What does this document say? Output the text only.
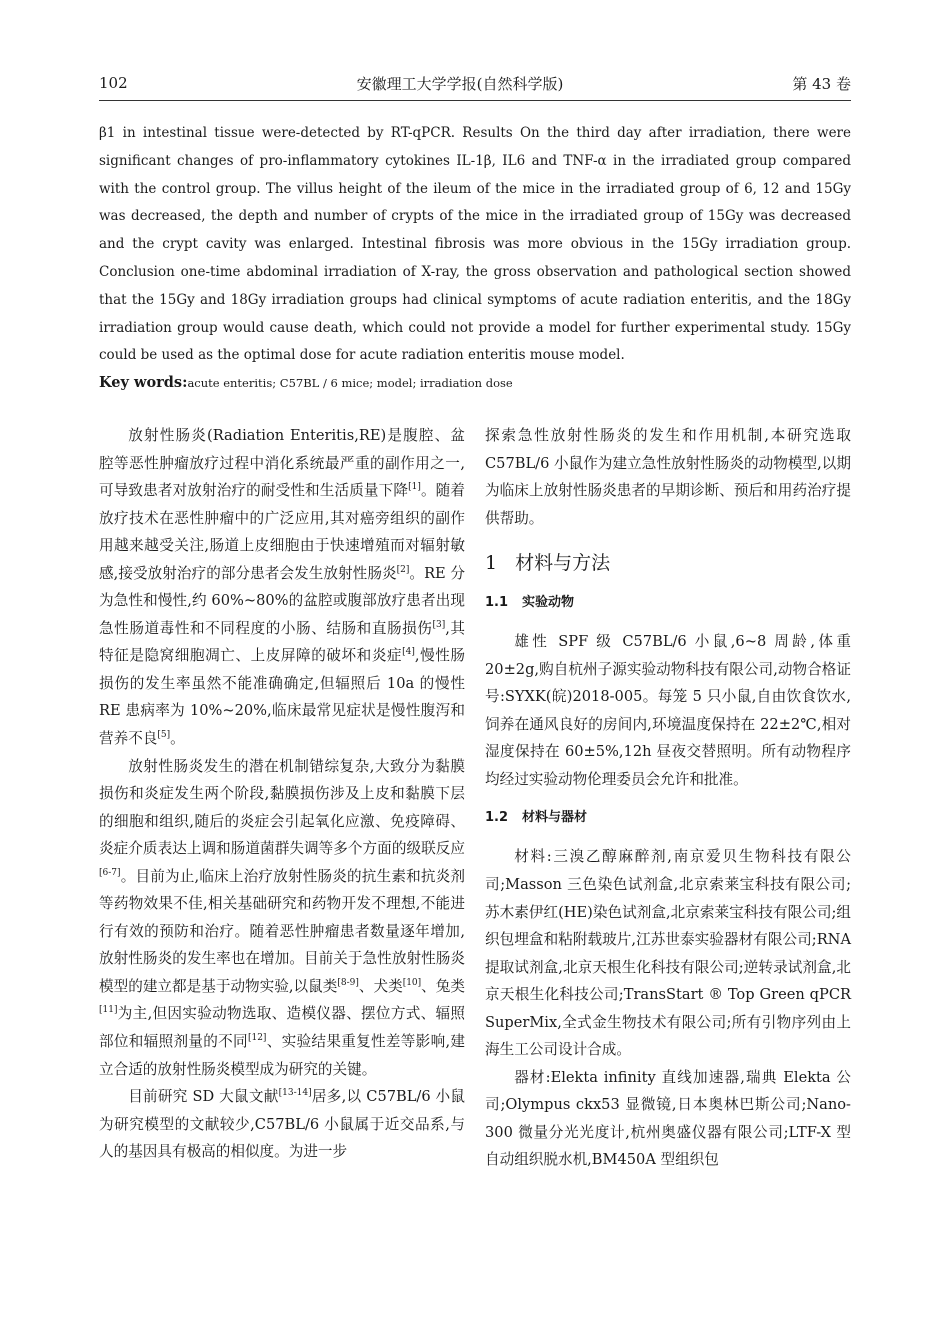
102	安徽理工大学学报(自然科学版)	第 43 卷

β1 in intestinal tissue were-detected by RT-qPCR. Results On the third day after irradiation, there were significant changes of pro-inflammatory cytokines IL-1β, IL6 and TNF-α in the irradiated group compared with the control group. The villus height of the ileum of the mice in the irradiated group of 6, 12 and 15Gy was decreased, the depth and number of crypts of the mice in the irradiated group of 15Gy was decreased and the crypt cavity was enlarged. Intestinal fibrosis was more obvious in the 15Gy irradiation group. Conclusion one-time abdominal irradiation of X-ray, the gross observation and pathological section showed that the 15Gy and 18Gy irradiation groups had clinical symptoms of acute radiation enteritis, and the 18Gy irradiation group would cause death, which could not provide a model for further experimental study. 15Gy could be used as the optimal dose for acute radiation enteritis mouse model.

Key words:acute enteritis; C57BL / 6 mice; model; irradiation dose

放射性肠炎(Radiation Enteritis,RE)是腹腔、盆腔等恶性肿瘤放疗过程中消化系统最严重的副作用之一,可导致患者对放射治疗的耐受性和生活质量下降[1]。随着放疗技术在恶性肿瘤中的广泛应用,其对癌旁组织的副作用越来越受关注,肠道上皮细胞由于快速增殖而对辐射敏感,接受放射治疗的部分患者会发生放射性肠炎[2]。RE 分为急性和慢性,约 60%~80%的盆腔或腹部放疗患者出现急性肠道毒性和不同程度的小肠、结肠和直肠损伤[3],其特征是隐窝细胞凋亡、上皮屏障的破坏和炎症[4],慢性肠损伤的发生率虽然不能准确确定,但辐照后 10a 的慢性 RE 患病率为 10%~20%,临床最常见症状是慢性腹泻和营养不良[5]。

放射性肠炎发生的潜在机制错综复杂,大致分为黏膜损伤和炎症发生两个阶段,黏膜损伤涉及上皮和黏膜下层的细胞和组织,随后的炎症会引起氧化应激、免疫障碍、炎症介质表达上调和肠道菌群失调等多个方面的级联反应[6-7]。目前为止,临床上治疗放射性肠炎的抗生素和抗炎剂等药物效果不佳,相关基础研究和药物开发不理想,不能进行有效的预防和治疗。随着恶性肿瘤患者数量逐年增加,放射性肠炎的发生率也在增加。目前关于急性放射性肠炎模型的建立都是基于动物实验,以鼠类[8-9]、犬类[10]、兔类[11]为主,但因实验动物选取、造模仪器、摆位方式、辐照部位和辐照剂量的不同[12]、实验结果重复性差等影响,建立合适的放射性肠炎模型成为研究的关键。

目前研究 SD 大鼠文献[13-14]居多,以 C57BL/6 小鼠为研究模型的文献较少,C57BL/6 小鼠属于近交品系,与人的基因具有极高的相似度。为进一步

探索急性放射性肠炎的发生和作用机制,本研究选取 C57BL/6 小鼠作为建立急性放射性肠炎的动物模型,以期为临床上放射性肠炎患者的早期诊断、预后和用药治疗提供帮助。

1 材料与方法
1.1 实验动物

雄性 SPF 级 C57BL/6 小鼠,6~8 周龄,体重 20±2g,购自杭州子源实验动物科技有限公司,动物合格证号:SYXK(皖)2018-005。每笼 5 只小鼠,自由饮食饮水,饲养在通风良好的房间内,环境温度保持在 22±2℃,相对湿度保持在 60±5%,12h 昼夜交替照明。所有动物程序均经过实验动物伦理委员会允许和批准。

1.2 材料与器材

材料:三溴乙醇麻醉剂,南京爱贝生物科技有限公司;Masson 三色染色试剂盒,北京索莱宝科技有限公司;苏木素伊红(HE)染色试剂盒,北京索莱宝科技有限公司;组织包埋盒和粘附载玻片,江苏世泰实验器材有限公司;RNA 提取试剂盒,北京天根生化科技有限公司;逆转录试剂盒,北京天根生化科技公司;TransStart ® Top Green qPCR SuperMix,全式金生物技术有限公司;所有引物序列由上海生工公司设计合成。

器材:Elekta infinity 直线加速器,瑞典 Elekta 公司;Olympus ckx53 显微镜,日本奥林巴斯公司;Nano-300 微量分光光度计,杭州奥盛仪器有限公司;LTF-X 型自动组织脱水机,BM450A 型组织包
